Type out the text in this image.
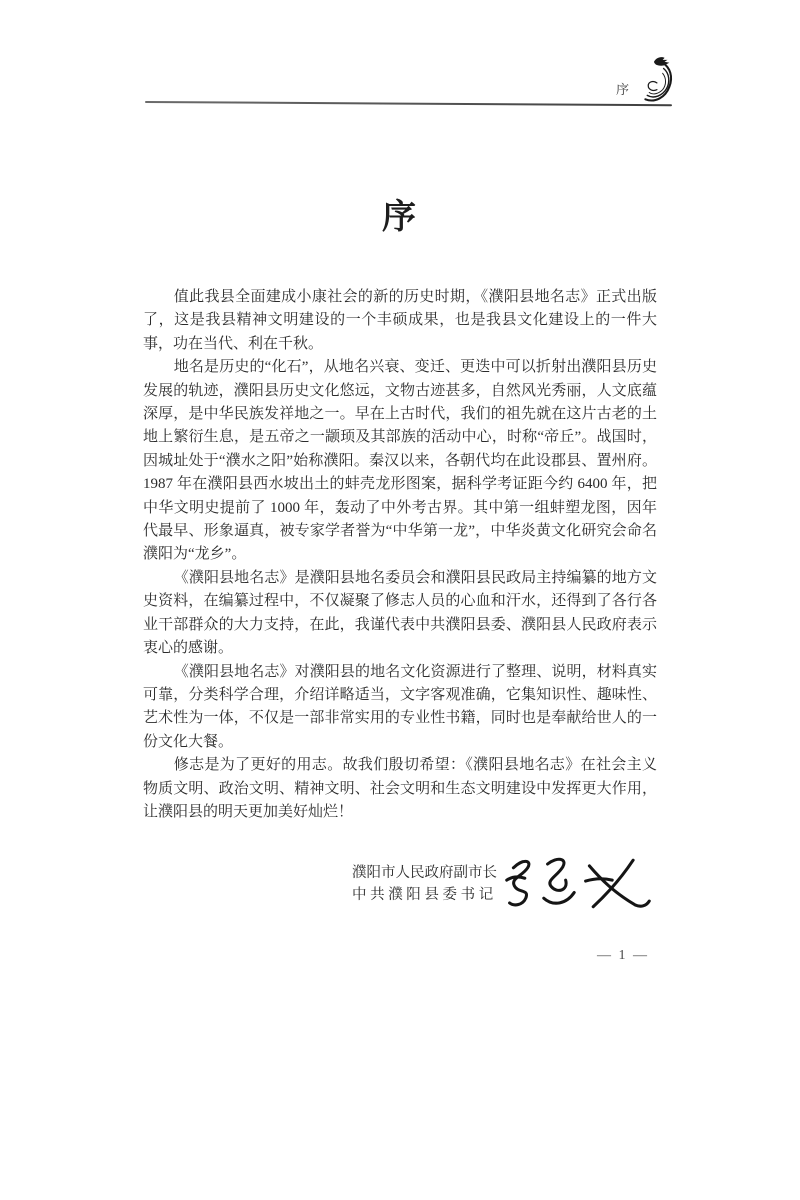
序
序

值此我县全面建成小康社会的新的历史时期，《濮阳县地名志》正式出版了，这是我县精神文明建设的一个丰硕成果，也是我县文化建设上的一件大事，功在当代、利在千秋。

地名是历史的“化石”，从地名兴衰、变迁、更迭中可以折射出濮阳县历史发展的轨迹，濮阳县历史文化悠远，文物古迹甚多，自然风光秀丽，人文底蕴深厚，是中华民族发祥地之一。早在上古时代，我们的祖先就在这片古老的土地上繁衍生息，是五帝之一颛顼及其部族的活动中心，时称“帝丘”。战国时，因城址处于“濮水之阳”始称濮阳。秦汉以来，各朝代均在此设郡县、置州府。1987 年在濮阳县西水坡出土的蚌壳龙形图案，据科学考证距今约 6400 年，把中华文明史提前了 1000 年，轰动了中外考古界。其中第一组蚌塑龙图，因年代最早、形象逼真，被专家学者誉为“中华第一龙”，中华炎黄文化研究会命名濮阳为“龙乡”。

《濮阳县地名志》是濮阳县地名委员会和濮阳县民政局主持编纂的地方文史资料，在编纂过程中，不仅凝聚了修志人员的心血和汗水，还得到了各行各业干部群众的大力支持，在此，我谨代表中共濮阳县委、濮阳县人民政府表示衷心的感谢。

《濮阳县地名志》对濮阳县的地名文化资源进行了整理、说明，材料真实可靠，分类科学合理，介绍详略适当，文字客观准确，它集知识性、趣味性、艺术性为一体，不仅是一部非常实用的专业性书籍，同时也是奉献给世人的一份文化大餐。

修志是为了更好的用志。故我们殷切希望：《濮阳县地名志》在社会主义物质文明、政治文明、精神文明、社会文明和生态文明建设中发挥更大作用，让濮阳县的明天更加美好灿烂！

濮阳市人民政府副市长
中共濮阳县委书记
— 1 —
